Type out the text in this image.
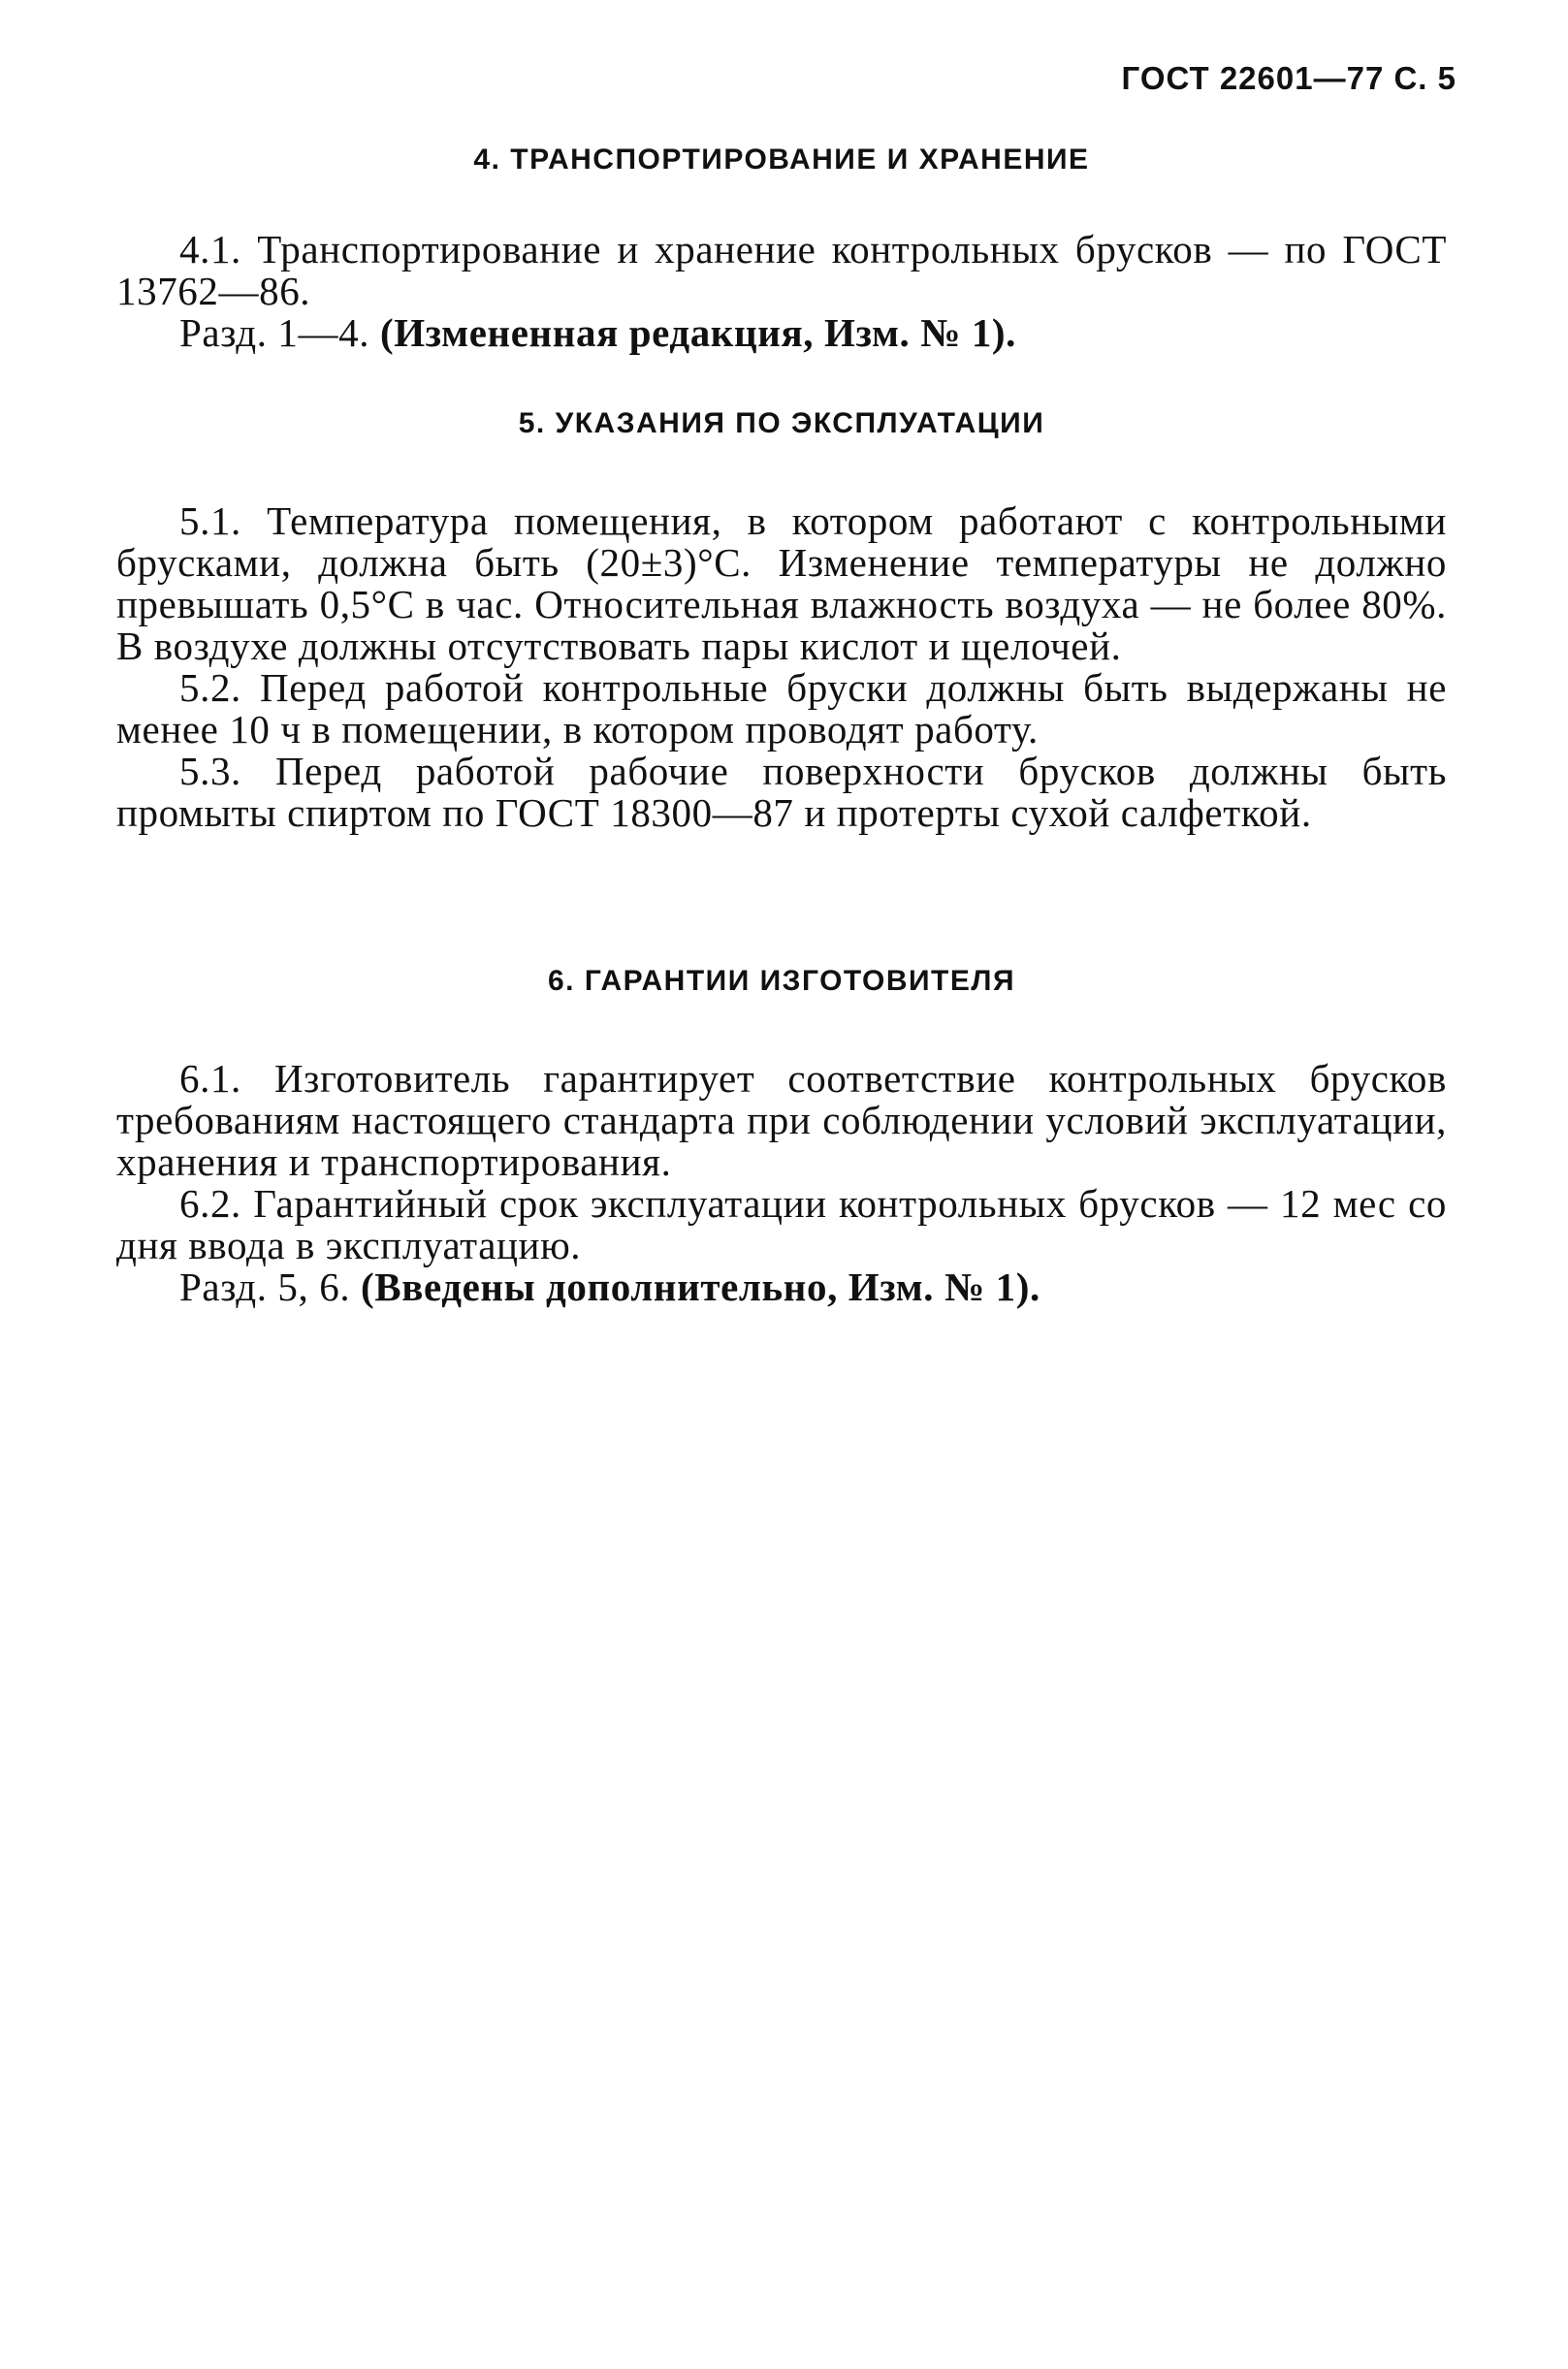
ГОСТ 22601—77 С. 5
4. ТРАНСПОРТИРОВАНИЕ И ХРАНЕНИЕ

4.1. Транспортирование и хранение контрольных брусков — по ГОСТ 13762—86.

Разд. 1—4. (Измененная редакция, Изм. № 1).

5. УКАЗАНИЯ ПО ЭКСПЛУАТАЦИИ

5.1. Температура помещения, в котором работают с контрольными брусками, должна быть (20±3)°С. Изменение температуры не должно превышать 0,5°С в час. Относительная влажность воздуха — не более 80%. В воздухе должны отсутствовать пары кислот и щелочей.

5.2. Перед работой контрольные бруски должны быть выдержаны не менее 10 ч в помещении, в котором проводят работу.

5.3. Перед работой рабочие поверхности брусков должны быть промыты спиртом по ГОСТ 18300—87 и протерты сухой салфеткой.

6. ГАРАНТИИ ИЗГОТОВИТЕЛЯ

6.1. Изготовитель гарантирует соответствие контрольных брусков требованиям настоящего стандарта при соблюдении условий эксплуатации, хранения и транспортирования.

6.2. Гарантийный срок эксплуатации контрольных брусков — 12 мес со дня ввода в эксплуатацию.

Разд. 5, 6. (Введены дополнительно, Изм. № 1).
